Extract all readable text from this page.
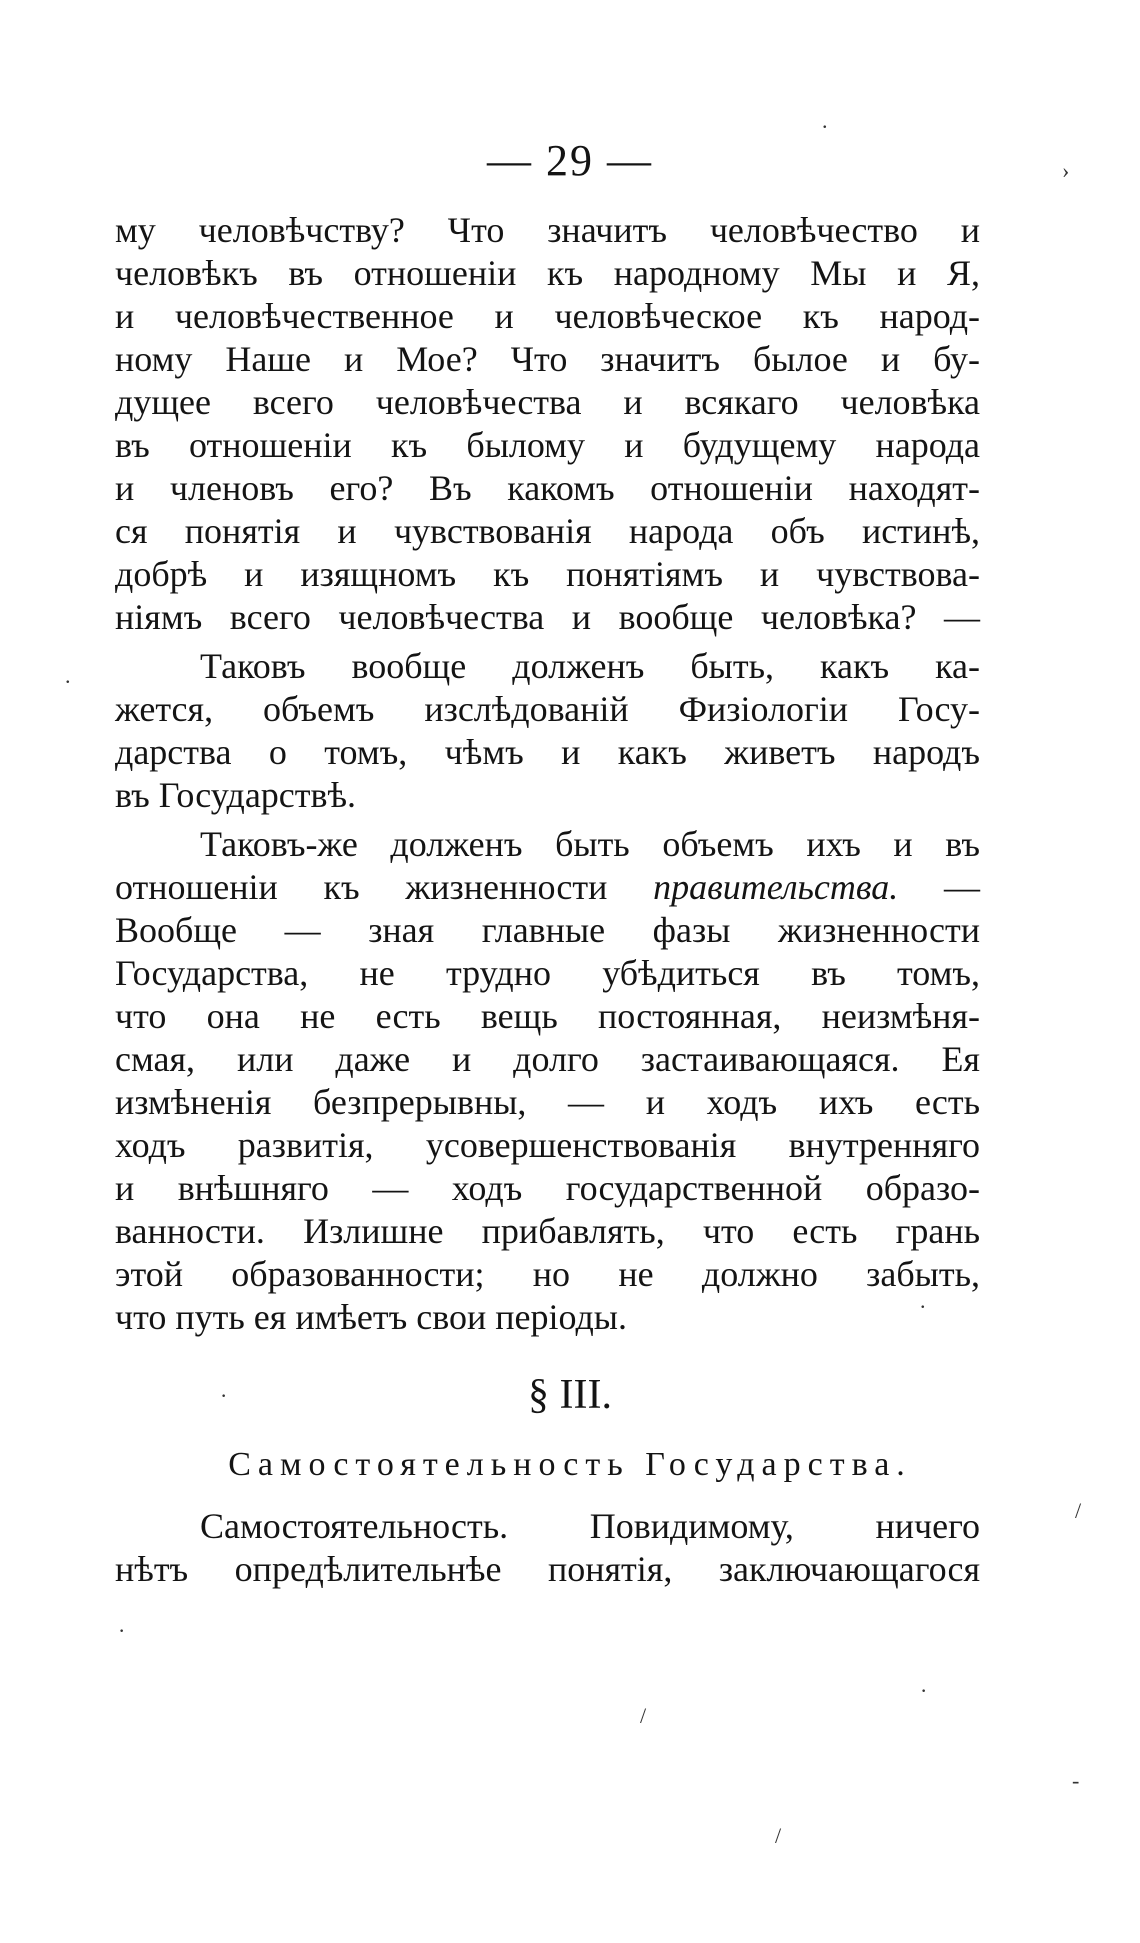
— 29 —
му человѣчству? Что значитъ человѣчество и
человѣкъ въ отношеніи къ народному Мы и Я,
и человѣчественное и человѣческое къ народ-
ному Наше и Мое? Что значитъ былое и бу-
дущее всего человѣчества и всякаго человѣка
въ отношеніи къ былому и будущему народа
и членовъ его? Въ какомъ отношеніи находят-
ся понятія и чувствованія народа объ истинѣ,
добрѣ и изящномъ къ понятіямъ и чувствова-
ніямъ всего человѣчества и вообще человѣка? —
Таковъ вообще долженъ быть, какъ ка-
жется, объемъ изслѣдованій Физіологіи Госу-
дарства о томъ, чѣмъ и какъ живетъ народъ
въ Государствѣ.
Таковъ-же долженъ быть объемъ ихъ и въ
отношеніи къ жизненности правительства. —
Вообще — зная главные фазы жизненности
Государства, не трудно убѣдиться въ томъ,
что она не есть вещь постоянная, неизмѣня-
смая, или даже и долго застаивающаяся. Ея
измѣненія безпрерывны, — и ходъ ихъ есть
ходъ развитія, усовершенствованія внутренняго
и внѣшняго — ходъ государственной образо-
ванности. Излишне прибавлять, что есть грань
этой образованности; но не должно забыть,
что путь ея имѣетъ свои періоды.
§ III.
Самостоятельность Государства.
Самостоятельность. Повидимому, ничего
нѣтъ опредѣлительнѣе понятія, заключающагося
.
›
.
.
·
/
·
·
/
-
/
